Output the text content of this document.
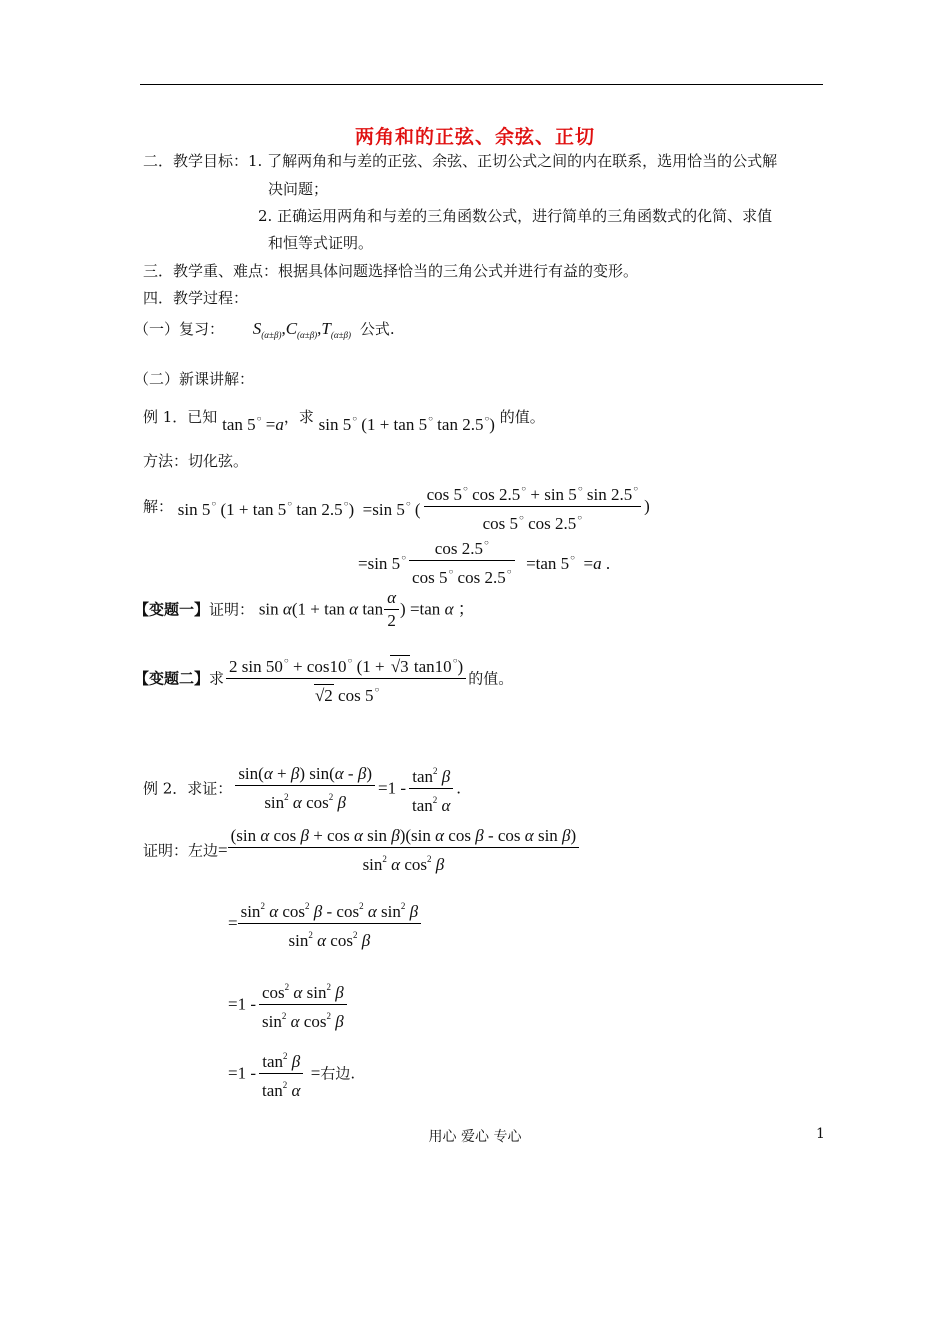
两角和的正弦、余弦、正切
二．教学目标：1. 了解两角和与差的正弦、余弦、正切公式之间的内在联系，选用恰当的公式解
决问题；
2. 正确运用两角和与差的三角函数公式，进行简单的三角函数式的化简、求值
和恒等式证明。
三．教学重、难点：根据具体问题选择恰当的三角公式并进行有益的变形。
四．教学过程：
（一）复习： $S_{(\alpha\pm\beta)},C_{(\alpha\pm\beta)},T_{(\alpha\pm\beta)}$ 公式.
（二）新课讲解：
例 1．已知 tan 5○ =a，求 sin 5○ (1 + tan 5○ tan 2.5○) 的值。
方法：切化弦。
解： sin 5○ (1 + tan 5○ tan 2.5○)  =sin 5○ ( $\frac{\cos 5^○ \cos 2.5^○ + \sin 5^○ \sin 2.5^○}{\cos 5^○ \cos 2.5^○}$ )
=sin $5^○ \frac{\cos 2.5^○}{\cos 5^○ \cos 2.5^○} =\tan$ 5○  =a .
【变题一】证明： sin α(1 + tan α $\tan \frac{\alpha}{2}$ ) =tan α ；
【变题二】求 $\frac{2 \sin 50^○ + \cos 10^○ (1 + √3 \tan 10^○)}{√2 \cos 5^○}$ 的值。
例 2．求证： $\frac{\sin(\alpha + \beta) \sin(\alpha - \beta)}{\sin^2 \alpha \cos^2 \beta} =1 - \frac{\tan^2 \beta}{\tan^2 \alpha}$ .
证明：左边= $\frac{\text{(sin α cos β + cos α sin β)(sin α cos β - cos α sin β)}}{\sin^2 \alpha \cos^2 \beta}$
= $\frac{\sin^2 \alpha \cos^2 \beta - \cos^2 \alpha \sin^2 \beta}{\sin^2 \alpha \cos^2 \beta}$
$=1 - \frac{\cos^2 \alpha \sin^2 \beta}{\sin^2 \alpha \cos^2 \beta}$
$=1 - \frac{\tan^2 \beta}{\tan^2 \alpha}$ =右边.
用心 爱心 专心	1
